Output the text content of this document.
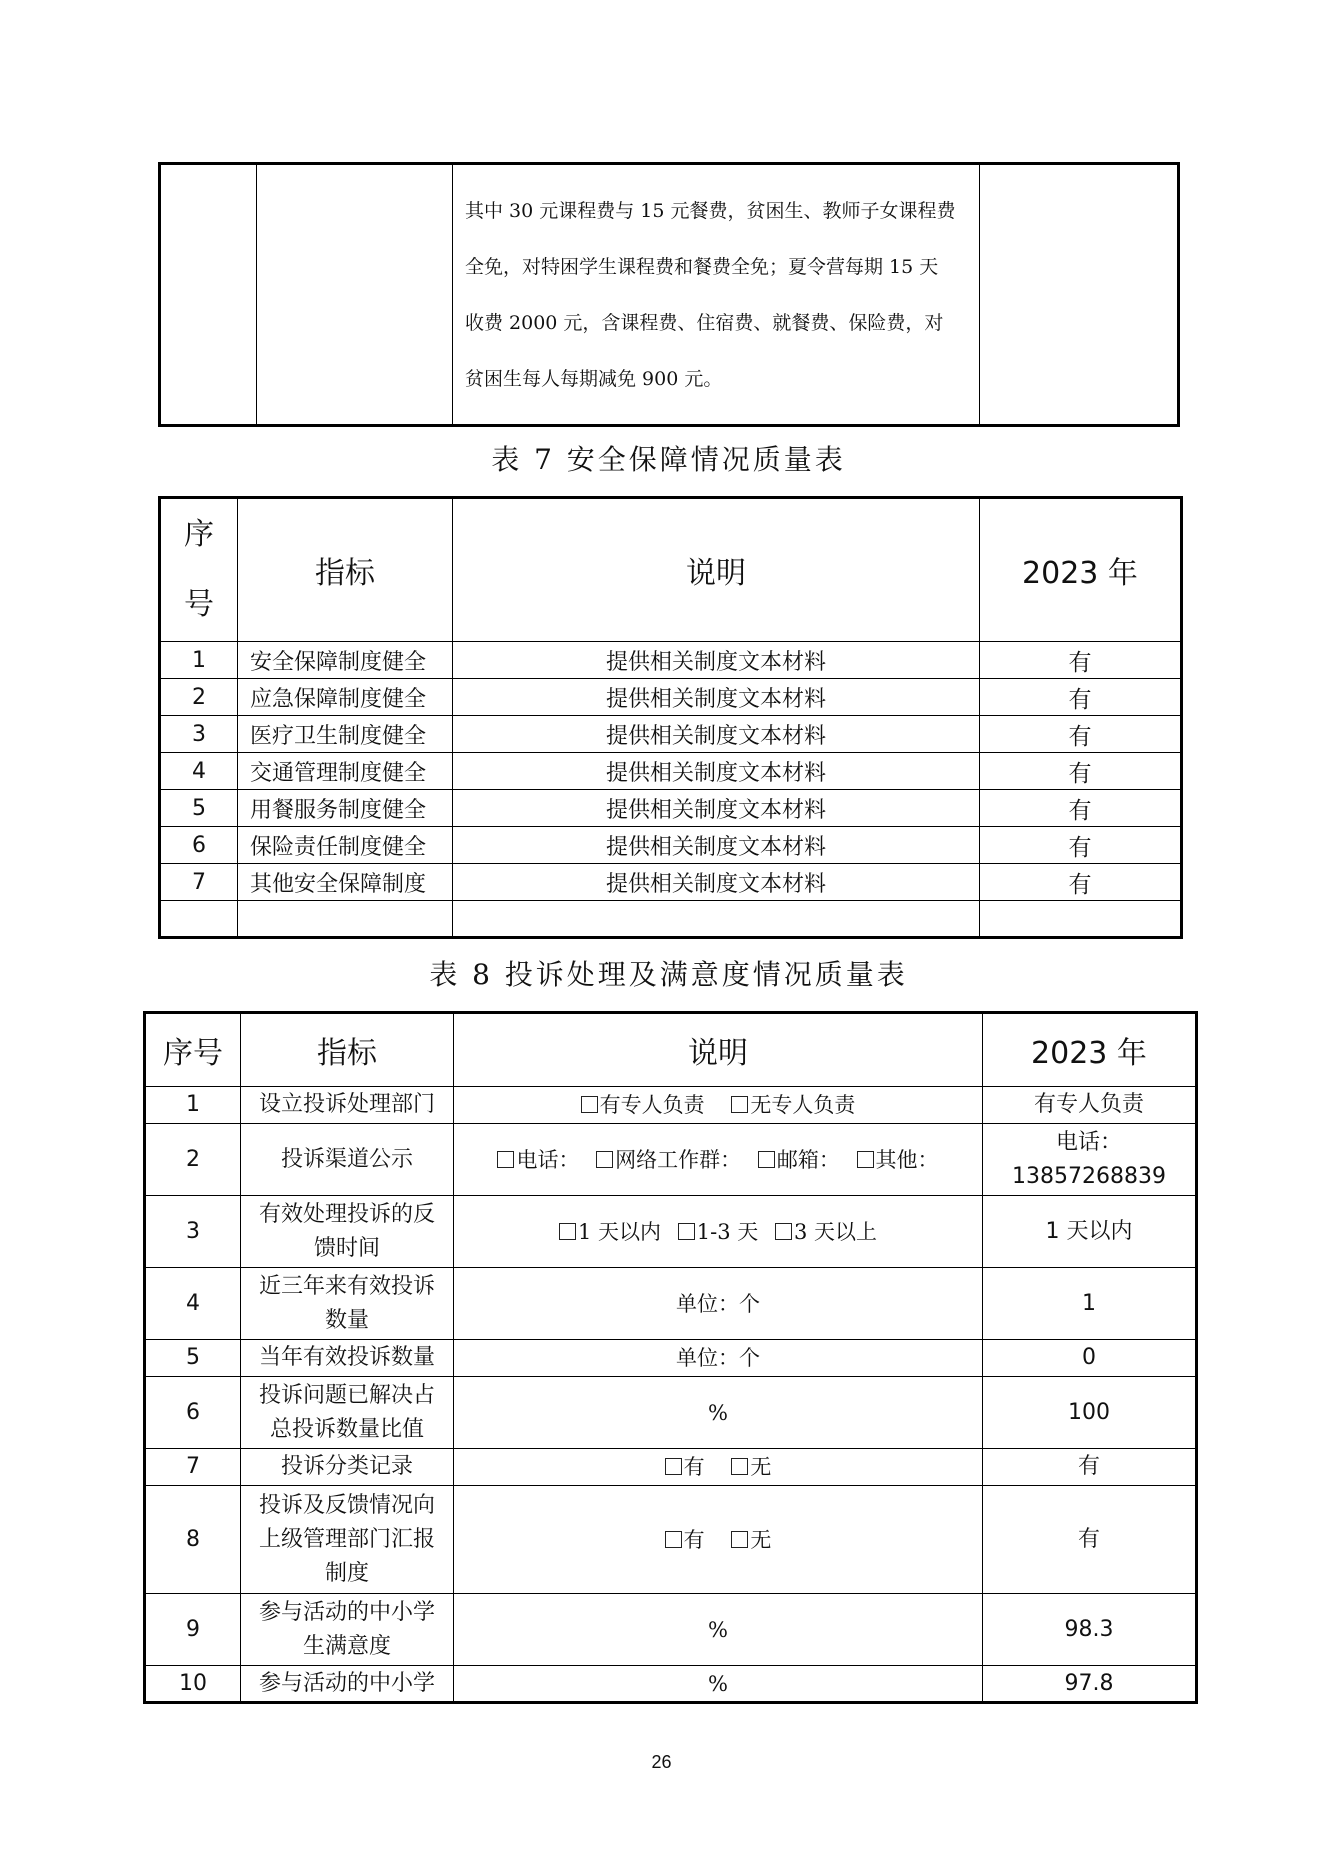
其中 30 元课程费与 15 元餐费，贫困生、教师子女课程费
全免，对特困学生课程费和餐费全免；夏令营每期 15 天
收费 2000 元，含课程费、住宿费、就餐费、保险费，对
贫困生每人每期减免 900 元。

表 7 安全保障情况质量表
序
号	指标	说明	2023 年
1	安全保障制度健全	提供相关制度文本材料	有
2	应急保障制度健全	提供相关制度文本材料	有
3	医疗卫生制度健全	提供相关制度文本材料	有
4	交通管理制度健全	提供相关制度文本材料	有
5	用餐服务制度健全	提供相关制度文本材料	有
6	保险责任制度健全	提供相关制度文本材料	有
7	其他安全保障制度	提供相关制度文本材料	有

表 8 投诉处理及满意度情况质量表
序号	指标	说明	2023 年
1	设立投诉处理部门	有专人负责 无专人负责	有专人负责
2	投诉渠道公示	电话： 网络工作群： 邮箱： 其他：	电话：
13857268839

3	有效处理投诉的反
馈时间	1 天以内 1-3 天 3 天以上	1 天以内
4	近三年来有效投诉
数量	单位：个	1
5	当年有效投诉数量	单位：个	0
6	投诉问题已解决占
总投诉数量比值	%	100
7	投诉分类记录	有 无	有
8	投诉及反馈情况向
上级管理部门汇报
制度	有 无	有
9	参与活动的中小学
生满意度	%	98.3
10	参与活动的中小学	%	97.8
26
